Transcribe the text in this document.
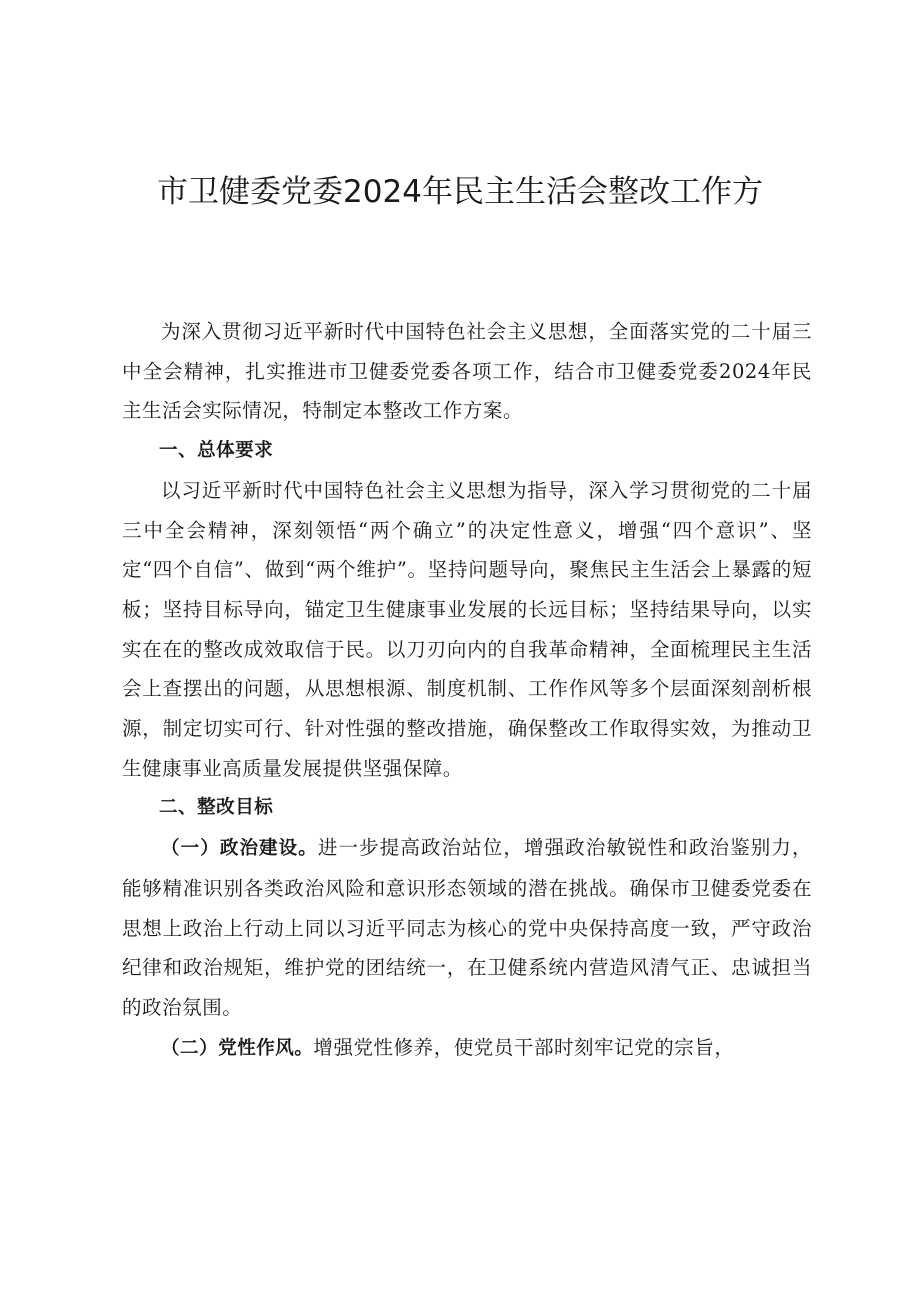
市卫健委党委2024年民主生活会整改工作方

为深入贯彻习近平新时代中国特色社会主义思想，全面落实党的二十届三中全会精神，扎实推进市卫健委党委各项工作，结合市卫健委党委2024年民主生活会实际情况，特制定本整改工作方案。

一、总体要求

以习近平新时代中国特色社会主义思想为指导，深入学习贯彻党的二十届三中全会精神，深刻领悟“两个确立”的决定性意义，增强“四个意识”、坚定“四个自信”、做到“两个维护”。坚持问题导向，聚焦民主生活会上暴露的短板；坚持目标导向，锚定卫生健康事业发展的长远目标；坚持结果导向，以实实在在的整改成效取信于民。以刀刃向内的自我革命精神，全面梳理民主生活会上查摆出的问题，从思想根源、制度机制、工作作风等多个层面深刻剖析根源，制定切实可行、针对性强的整改措施，确保整改工作取得实效，为推动卫生健康事业高质量发展提供坚强保障。

二、整改目标

（一）政治建设。进一步提高政治站位，增强政治敏锐性和政治鉴别力，能够精准识别各类政治风险和意识形态领域的潜在挑战。确保市卫健委党委在思想上政治上行动上同以习近平同志为核心的党中央保持高度一致，严守政治纪律和政治规矩，维护党的团结统一，在卫健系统内营造风清气正、忠诚担当的政治氛围。

（二）党性作风。增强党性修养，使党员干部时刻牢记党的宗旨，
